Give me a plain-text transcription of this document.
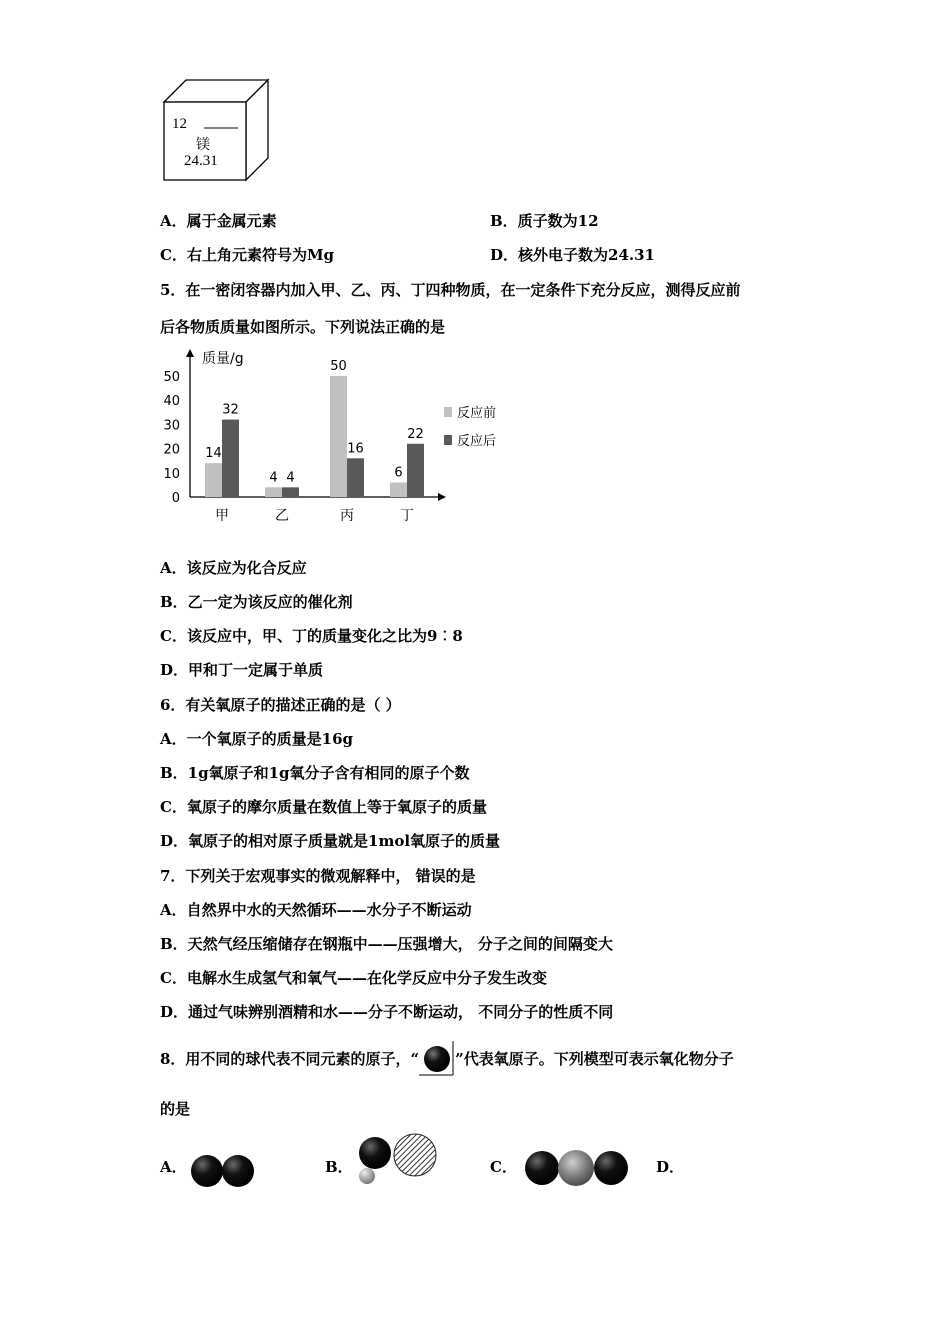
12
镁
24.31
A．属于金属元素	B．质子数为12
C．右上角元素符号为Mg	D．核外电子数为24.31
5．在一密闭容器内加入甲、乙、丙、丁四种物质，在一定条件下充分反应，测得反应前
后各物质质量如图所示。下列说法正确的是
质量/g
0
10
20
30
40
50
14
32
甲
4 4
乙
50
16
丙
6
22
丁
反应前
反应后
A．该反应为化合反应
B．乙一定为该反应的催化剂
C．该反应中，甲、丁的质量变化之比为9︰8
D．甲和丁一定属于单质
6．有关氧原子的描述正确的是（ ）
A．一个氧原子的质量是16g
B．1g氧原子和1g氧分子含有相同的原子个数
C．氧原子的摩尔质量在数值上等于氧原子的质量
D．氧原子的相对原子质量就是1mol氧原子的质量
7．下列关于宏观事实的微观解释中， 错误的是
A．自然界中水的天然循环——水分子不断运动
B．天然气经压缩储存在钢瓶中——压强增大， 分子之间的间隔变大
C．电解水生成氢气和氧气——在化学反应中分子发生改变
D．通过气味辨别酒精和水——分子不断运动， 不同分子的性质不同
8．用不同的球代表不同元素的原子，“ ”代表氧原子。下列模型可表示氧化物分子
的是
A．	B．	C．	D．
